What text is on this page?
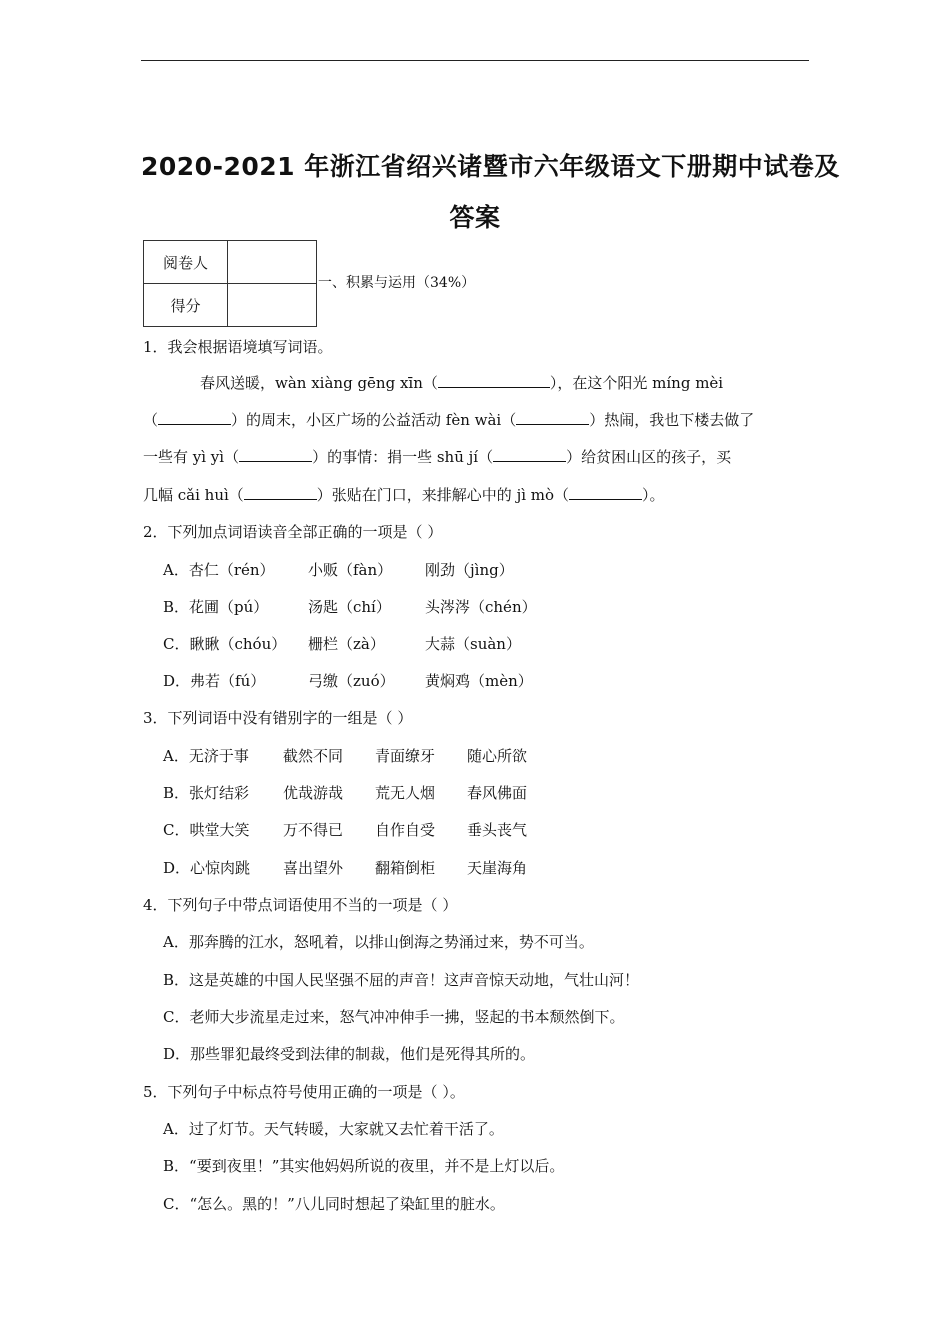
2020-2021 年浙江省绍兴诸暨市六年级语文下册期中试卷及
答案
阅卷人	
得分	
一、积累与运用（34%）
1．我会根据语境填写词语。
春风送暖，wàn xiàng gēng xīn（	），在这个阳光 míng mèi
（	）的周末，小区广场的公益活动 fèn wài（	）热闹，我也下楼去做了
一些有 yì yì（	）的事情：捐一些 shū jí（	）给贫困山区的孩子，买
几幅 cǎi huì（	）张贴在门口，来排解心中的 jì mò（	）。
2．下列加点词语读音全部正确的一项是（ ）
A．杏仁（rén） 小贩（fàn） 刚劲（jìng）
B．花圃（pú）	汤匙（chí） 头涔涔（chén）
C．瞅瞅（chóu） 栅栏（zà）	大蒜（suàn）
D．弗若（fú）	弓缴（zuó） 黄焖鸡（mèn）
3．下列词语中没有错别字的一组是（ ）
A．无济于事 截然不同 青面缭牙 随心所欲
B．张灯结彩 优哉游哉 荒无人烟 春风佛面
C．哄堂大笑 万不得已 自作自受 垂头丧气
D．心惊肉跳 喜出望外 翻箱倒柜 天崖海角
4．下列句子中带点词语使用不当的一项是（ ）
A．那奔腾的江水，怒吼着，以排山倒海之势涌过来，势不可当。
B．这是英雄的中国人民坚强不屈的声音！这声音惊天动地，气壮山河！
C．老师大步流星走过来，怒气冲冲伸手一拂，竖起的书本颓然倒下。
D．那些罪犯最终受到法律的制裁，他们是死得其所的。
5．下列句子中标点符号使用正确的一项是（ ）。
A．过了灯节。天气转暖，大家就又去忙着干活了。
B．“要到夜里！”其实他妈妈所说的夜里，并不是上灯以后。
C．“怎么。黑的！”八儿同时想起了染缸里的脏水。
